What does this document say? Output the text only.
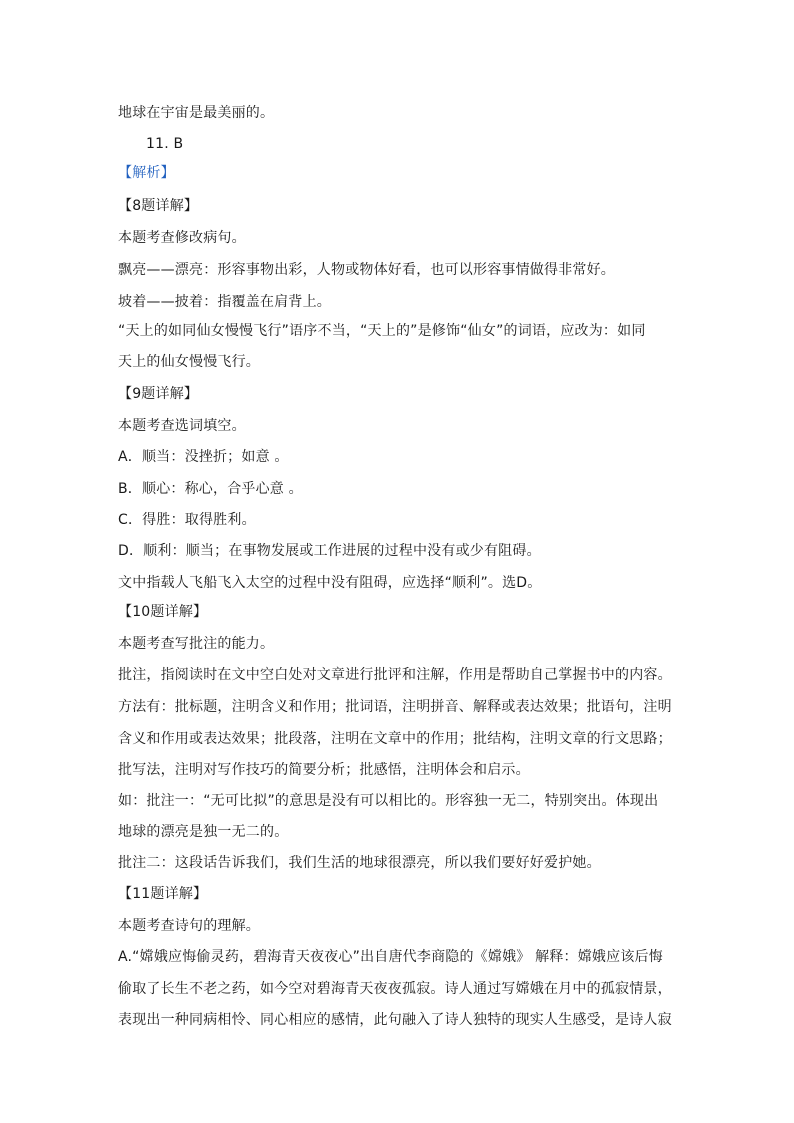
地球在宇宙是最美丽的。
11. B
【解析】
【8题详解】
本题考查修改病句。
飘亮——漂亮：形容事物出彩，人物或物体好看，也可以形容事情做得非常好。
坡着——披着：指覆盖在肩背上。
“天上的如同仙女慢慢飞行”语序不当，“天上的”是修饰“仙女”的词语，应改为：如同
天上的仙女慢慢飞行。
【9题详解】
本题考查选词填空。
A．顺当：没挫折；如意 。
B．顺心：称心，合乎心意 。
C．得胜：取得胜利。
D．顺利：顺当；在事物发展或工作进展的过程中没有或少有阻碍。
文中指载人飞船飞入太空的过程中没有阻碍，应选择“顺利”。选D。
【10题详解】
本题考查写批注的能力。
批注，指阅读时在文中空白处对文章进行批评和注解，作用是帮助自己掌握书中的内容。
方法有：批标题，注明含义和作用；批词语，注明拼音、解释或表达效果；批语句，注明
含义和作用或表达效果；批段落，注明在文章中的作用；批结构，注明文章的行文思路；
批写法，注明对写作技巧的简要分析；批感悟，注明体会和启示。
如：批注一：“无可比拟”的意思是没有可以相比的。形容独一无二，特别突出。体现出
地球的漂亮是独一无二的。
批注二：这段话告诉我们，我们生活的地球很漂亮，所以我们要好好爱护她。
【11题详解】
本题考查诗句的理解。
A.“嫦娥应悔偷灵药，碧海青天夜夜心”出自唐代李商隐的《嫦娥》 解释：嫦娥应该后悔
偷取了长生不老之药，如今空对碧海青天夜夜孤寂。诗人通过写嫦娥在月中的孤寂情景，
表现出一种同病相怜、同心相应的感情，此句融入了诗人独特的现实人生感受，是诗人寂
